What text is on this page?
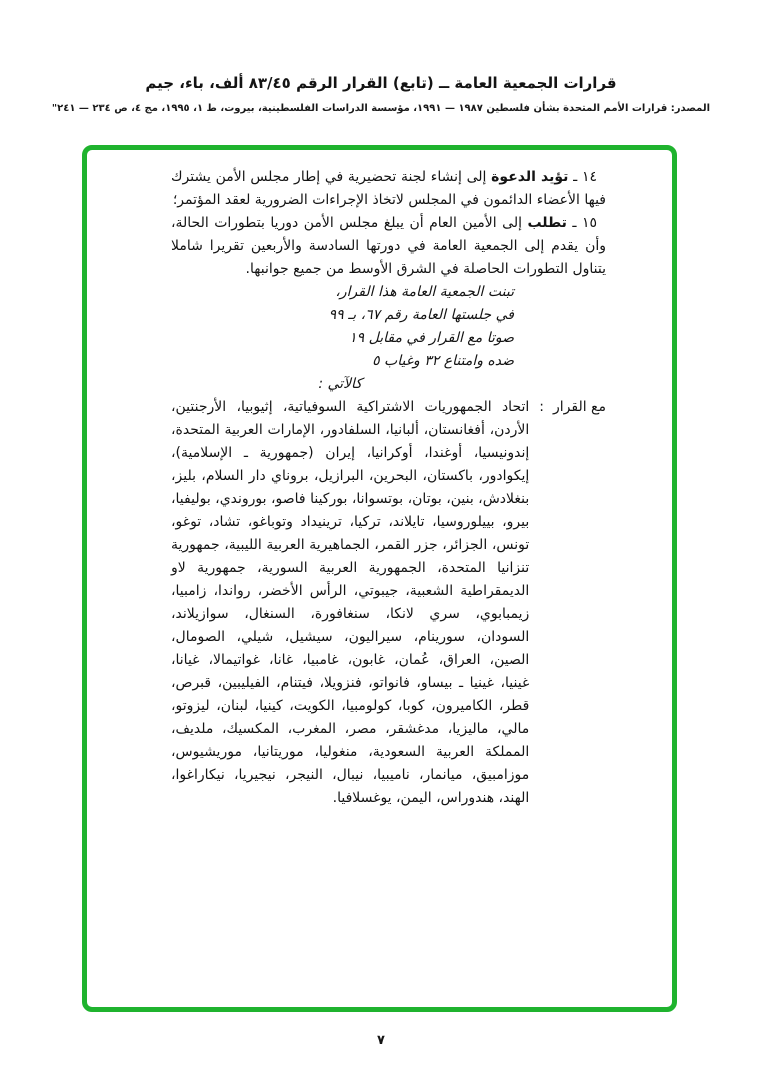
قرارات الجمعية العامة ــ (تابع) القرار الرقم ٨٣/٤٥ ألف، باء، جيم
المصدر: قرارات الأمم المتحدة بشأن فلسطين ١٩٨٧ — ١٩٩١، مؤسسة الدراسات الفلسطينية، بيروت، ط ١، ١٩٩٥، مج ٤، ص ٢٣٤ — ٢٤١"

١٤ ـ تؤيد الدعوة إلى إنشاء لجنة تحضيرية في إطار مجلس الأمن يشترك فيها الأعضاء الدائمون في المجلس لاتخاذ الإجراءات الضرورية لعقد المؤتمر؛

١٥ ـ تطلب إلى الأمين العام أن يبلغ مجلس الأمن دوريا بتطورات الحالة، وأن يقدم إلى الجمعية العامة في دورتها السادسة والأربعين تقريرا شاملا يتناول التطورات الحاصلة في الشرق الأوسط من جميع جوانبها.

تبنت الجمعية العامة هذا القرار،
في جلستها العامة رقم ٦٧، بـ ٩٩
صوتا مع القرار في مقابل ١٩
ضده وامتناع ٣٢ وغياب ٥
كالآتي :
مع القرار
:
اتحاد الجمهوريات الاشتراكية السوفياتية، إثيوبيا، الأرجنتين، الأردن، أفغانستان، ألبانيا، السلفادور، الإمارات العربية المتحدة، إندونيسيا، أوغندا، أوكرانيا، إيران (جمهورية ـ الإسلامية)، إيكوادور، باكستان، البحرين، البرازيل، بروناي دار السلام، بليز، بنغلادش، بنين، بوتان، بوتسوانا، بوركينا فاصو، بوروندي، بوليفيا، بيرو، بييلوروسيا، تايلاند، تركيا، ترينيداد وتوباغو، تشاد، توغو، تونس، الجزائر، جزر القمر، الجماهيرية العربية الليبية، جمهورية تنزانيا المتحدة، الجمهورية العربية السورية، جمهورية لاو الديمقراطية الشعبية، جيبوتي، الرأس الأخضر، رواندا، زامبيا، زيمبابوي، سري لانكا، سنغافورة، السنغال، سوازيلاند، السودان، سورينام، سيراليون، سيشيل، شيلي، الصومال، الصين، العراق، عُمان، غابون، غامبيا، غانا، غواتيمالا، غيانا، غينيا، غينيا ـ بيساو، فانواتو، فنزويلا، فيتنام، الفيليبين، قبرص، قطر، الكاميرون، كوبا، كولومبيا، الكويت، كينيا، لبنان، ليزوتو، مالي، ماليزيا، مدغشقر، مصر، المغرب، المكسيك، ملديف، المملكة العربية السعودية، منغوليا، موريتانيا، موريشيوس، موزامبيق، ميانمار، ناميبيا، نيبال، النيجر، نيجيريا، نيكاراغوا، الهند، هندوراس، اليمن، يوغسلافيا.
٧
